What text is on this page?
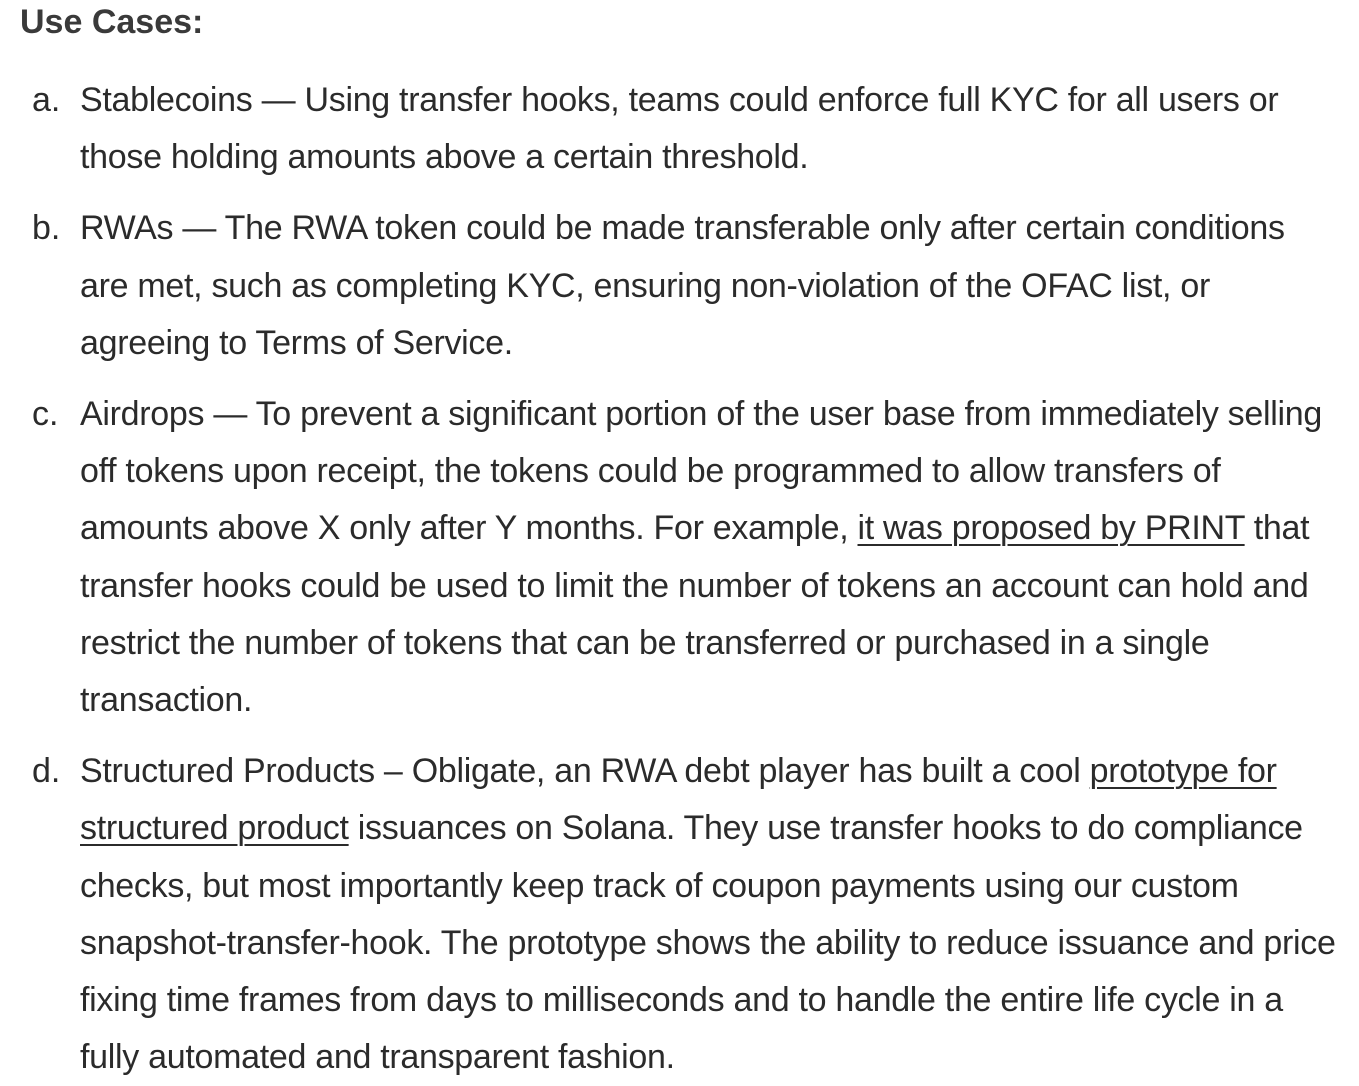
Use Cases:
a. Stablecoins — Using transfer hooks, teams could enforce full KYC for all users or those holding amounts above a certain threshold.

b. RWAs — The RWA token could be made transferable only after certain conditions are met, such as completing KYC, ensuring non-violation of the OFAC list, or agreeing to Terms of Service.

c. Airdrops — To prevent a significant portion of the user base from immediately selling off tokens upon receipt, the tokens could be programmed to allow transfers of amounts above X only after Y months. For example, it was proposed by PRINT that transfer hooks could be used to limit the number of tokens an account can hold and restrict the number of tokens that can be transferred or purchased in a single transaction.

d. Structured Products – Obligate, an RWA debt player has built a cool prototype for structured product issuances on Solana. They use transfer hooks to do compliance checks, but most importantly keep track of coupon payments using our custom snapshot-transfer-hook. The prototype shows the ability to reduce issuance and price fixing time frames from days to milliseconds and to handle the entire life cycle in a fully automated and transparent fashion.
